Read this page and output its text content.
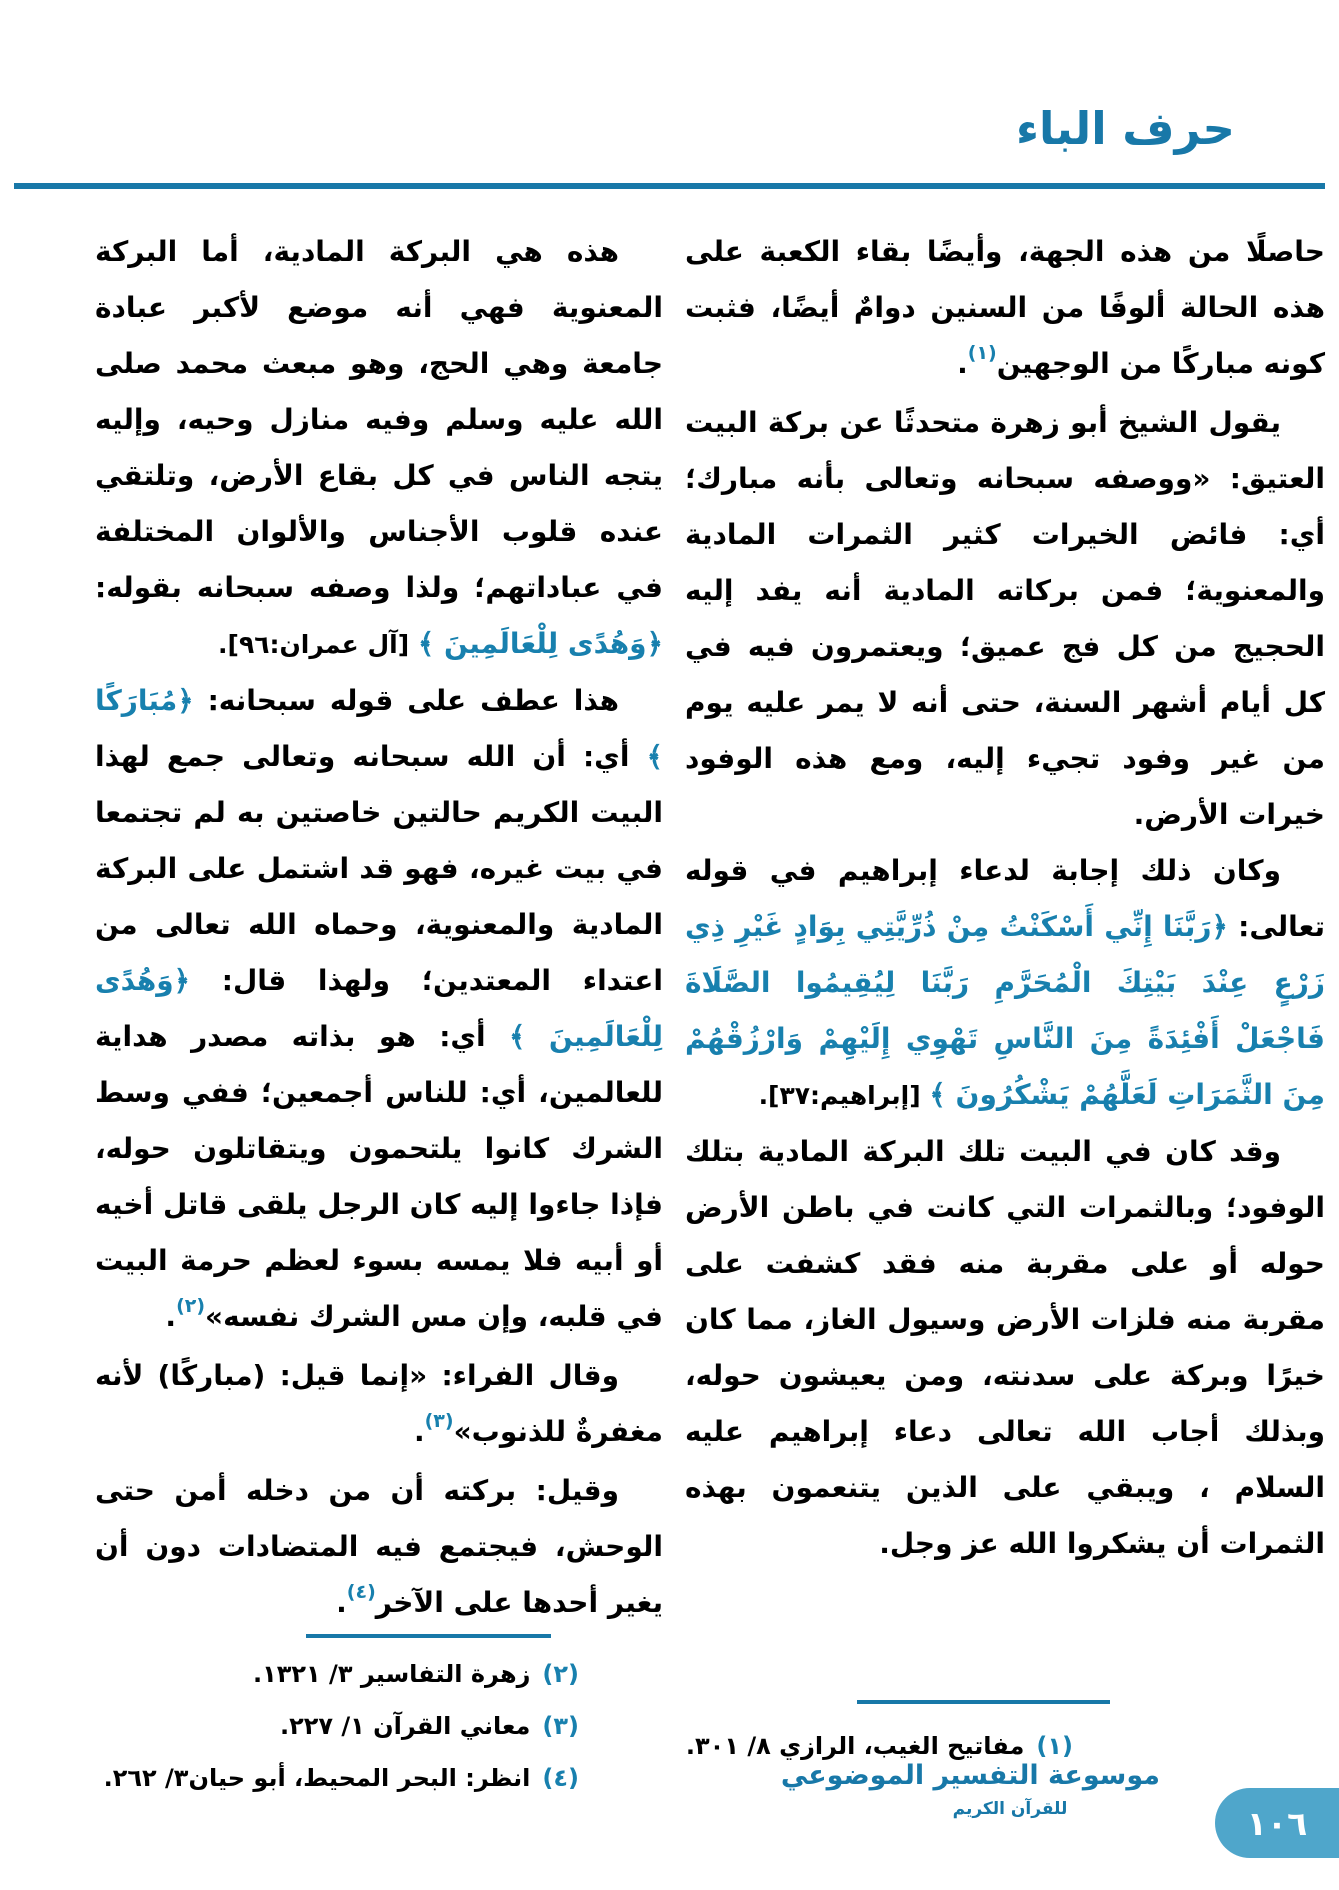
حرف الباء

حاصلًا من هذه الجهة، وأيضًا بقاء الكعبة على هذه الحالة ألوفًا من السنين دوامٌ أيضًا، فثبت كونه مباركًا من الوجهين$^{(١)}$.

يقول الشيخ أبو زهرة متحدثًا عن بركة البيت العتيق: «ووصفه سبحانه وتعالى بأنه مبارك؛ أي: فائض الخيرات كثير الثمرات المادية والمعنوية؛ فمن بركاته المادية أنه يفد إليه الحجيج من كل فج عميق؛ ويعتمرون فيه في كل أيام أشهر السنة، حتى أنه لا يمر عليه يوم من غير وفود تجيء إليه، ومع هذه الوفود خيرات الأرض.

وكان ذلك إجابة لدعاء إبراهيم في قوله تعالى: ﴿رَبَّنَا إِنِّي أَسْكَنْتُ مِنْ ذُرِّيَّتِي بِوَادٍ غَيْرِ ذِي زَرْعٍ عِنْدَ بَيْتِكَ الْمُحَرَّمِ رَبَّنَا لِيُقِيمُوا الصَّلَاةَ فَاجْعَلْ أَفْئِدَةً مِنَ النَّاسِ تَهْوِي إِلَيْهِمْ وَارْزُقْهُمْ مِنَ الثَّمَرَاتِ لَعَلَّهُمْ يَشْكُرُونَ ﴾ [إبراهيم:٣٧].

وقد كان في البيت تلك البركة المادية بتلك الوفود؛ وبالثمرات التي كانت في باطن الأرض حوله أو على مقربة منه فقد كشفت على مقربة منه فلزات الأرض وسيول الغاز، مما كان خيرًا وبركة على سدنته، ومن يعيشون حوله، وبذلك أجاب الله تعالى دعاء إبراهيم عليه السلام ، ويبقي على الذين يتنعمون بهذه الثمرات أن يشكروا الله عز وجل.

(١)مفاتيح الغيب، الرازي ٨/ ٣٠١.

هذه هي البركة المادية، أما البركة المعنوية فهي أنه موضع لأكبر عبادة جامعة وهي الحج، وهو مبعث محمد صلى الله عليه وسلم وفيه منازل وحيه، وإليه يتجه الناس في كل بقاع الأرض، وتلتقي عنده قلوب الأجناس والألوان المختلفة في عباداتهم؛ ولذا وصفه سبحانه بقوله: ﴿وَهُدًى لِلْعَالَمِينَ ﴾ [آل عمران:٩٦].

هذا عطف على قوله سبحانه: ﴿مُبَارَكًا ﴾ أي: أن الله سبحانه وتعالى جمع لهذا البيت الكريم حالتين خاصتين به لم تجتمعا في بيت غيره، فهو قد اشتمل على البركة المادية والمعنوية، وحماه الله تعالى من اعتداء المعتدين؛ ولهذا قال: ﴿وَهُدًى لِلْعَالَمِينَ ﴾ أي: هو بذاته مصدر هداية للعالمين، أي: للناس أجمعين؛ ففي وسط الشرك كانوا يلتحمون ويتقاتلون حوله، فإذا جاءوا إليه كان الرجل يلقى قاتل أخيه أو أبيه فلا يمسه بسوء لعظم حرمة البيت في قلبه، وإن مس الشرك نفسه»$^{(٢)}$.

وقال الفراء: «إنما قيل: (مباركًا) لأنه مغفرةٌ للذنوب»$^{(٣)}$.

وقيل: بركته أن من دخله أمن حتى الوحش، فيجتمع فيه المتضادات دون أن يغير أحدها على الآخر$^{(٤)}$.

(٢)زهرة التفاسير ٣/ ١٣٢١.
(٣)معاني القرآن ١/ ٢٢٧.
(٤)انظر: البحر المحيط، أبو حيان٣/ ٢٦٢.	موسوعة التفسير الموضوعي
للقرآن الكريم	١٠٦
